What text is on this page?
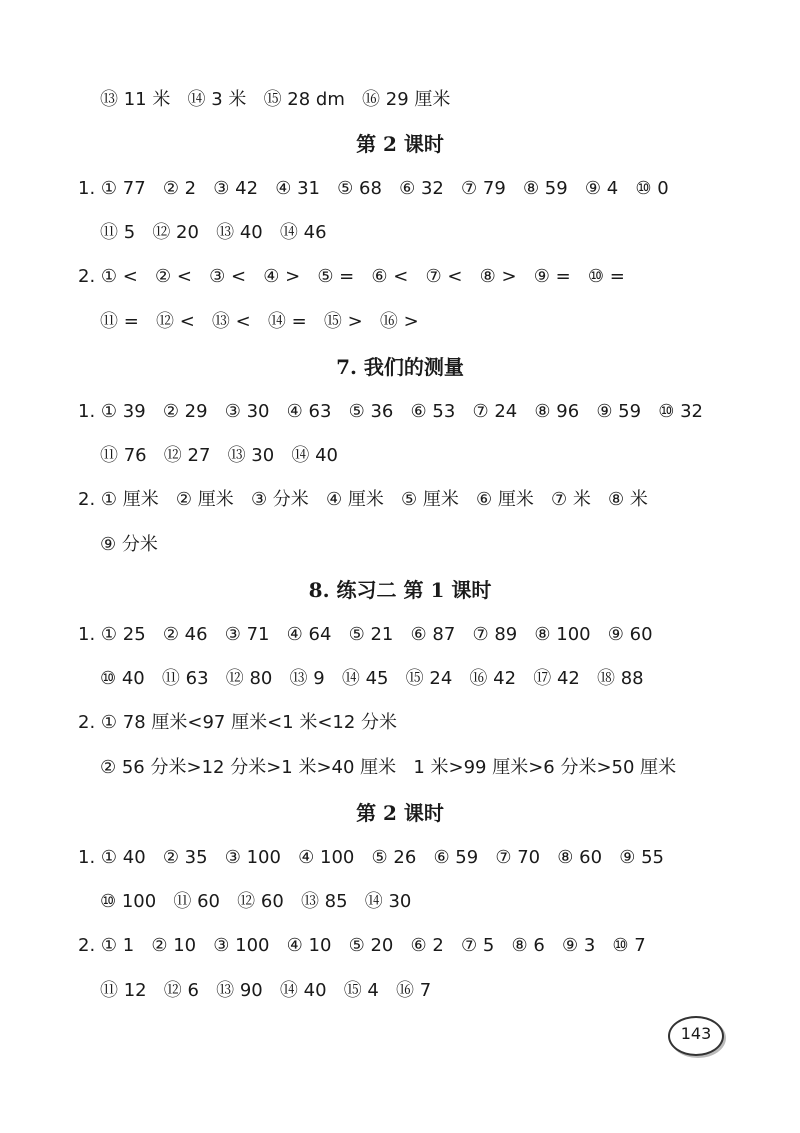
⑬ 11 米   ⑭ 3 米   ⑮ 28 dm   ⑯ 29 厘米
第 2 课时
1. ① 77   ② 2   ③ 42   ④ 31   ⑤ 68   ⑥ 32   ⑦ 79   ⑧ 59   ⑨ 4   ⑩ 0
⑪ 5   ⑫ 20   ⑬ 40   ⑭ 46
2. ① <   ② <   ③ <   ④ >   ⑤ =   ⑥ <   ⑦ <   ⑧ >   ⑨ =   ⑩ =
⑪ =   ⑫ <   ⑬ <   ⑭ =   ⑮ >   ⑯ >
7. 我们的测量
1. ① 39   ② 29   ③ 30   ④ 63   ⑤ 36   ⑥ 53   ⑦ 24   ⑧ 96   ⑨ 59   ⑩ 32
⑪ 76   ⑫ 27   ⑬ 30   ⑭ 40
2. ① 厘米   ② 厘米   ③ 分米   ④ 厘米   ⑤ 厘米   ⑥ 厘米   ⑦ 米   ⑧ 米
⑨ 分米
8. 练习二 第 1 课时
1. ① 25   ② 46   ③ 71   ④ 64   ⑤ 21   ⑥ 87   ⑦ 89   ⑧ 100   ⑨ 60
⑩ 40   ⑪ 63   ⑫ 80   ⑬ 9   ⑭ 45   ⑮ 24   ⑯ 42   ⑰ 42   ⑱ 88
2. ① 78 厘米<97 厘米<1 米<12 分米
② 56 分米>12 分米>1 米>40 厘米   1 米>99 厘米>6 分米>50 厘米
第 2 课时
1. ① 40   ② 35   ③ 100   ④ 100   ⑤ 26   ⑥ 59   ⑦ 70   ⑧ 60   ⑨ 55
⑩ 100   ⑪ 60   ⑫ 60   ⑬ 85   ⑭ 30
2. ① 1   ② 10   ③ 100   ④ 10   ⑤ 20   ⑥ 2   ⑦ 5   ⑧ 6   ⑨ 3   ⑩ 7
⑪ 12   ⑫ 6   ⑬ 90   ⑭ 40   ⑮ 4   ⑯ 7
143
